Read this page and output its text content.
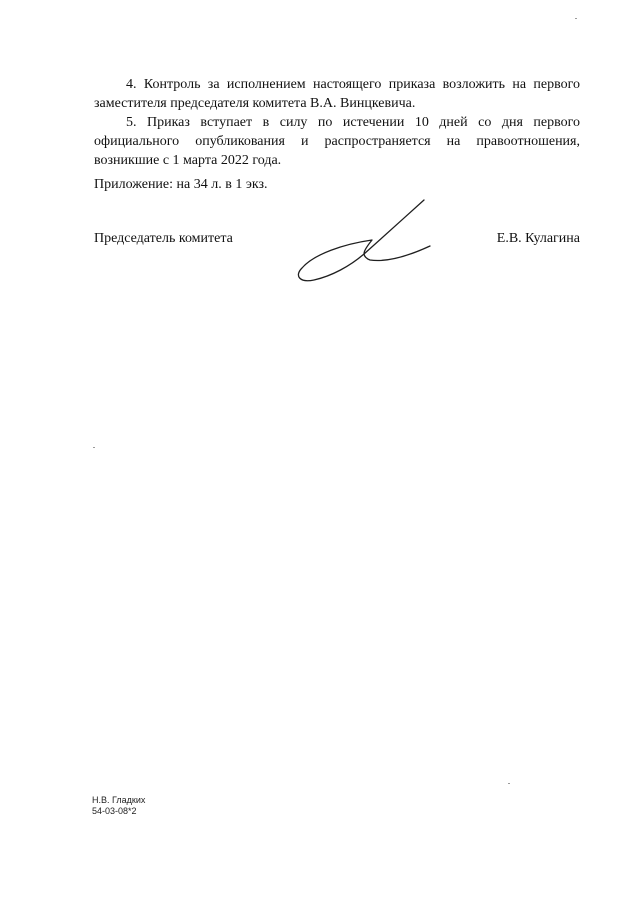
4. Контроль за исполнением настоящего приказа возложить на первого
заместителя председателя комитета В.А. Винцкевича.
5. Приказ вступает в силу по истечении 10 дней со дня первого
официального опубликования и распространяется на правоотношения,
возникшие с 1 марта 2022 года.
Приложение: на 34 л. в 1 экз.
Председатель комитета	Е.В. Кулагина
Н.В. Гладких
54-03-08*2
